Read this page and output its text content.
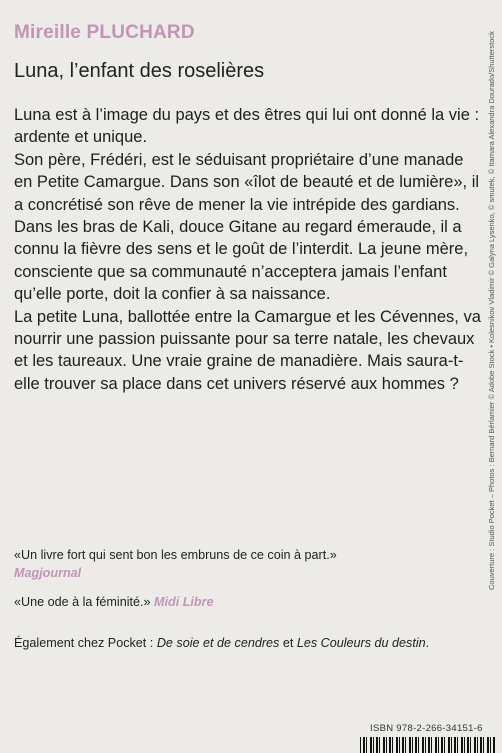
Mireille PLUCHARD
Luna, l’enfant des roselières

Luna est à l’image du pays et des êtres qui lui ont donné la vie : ardente et unique.

Son père, Frédéri, est le séduisant propriétaire d’une manade en Petite Camargue. Dans son «îlot de beauté et de lumière», il a concrétisé son rêve de mener la vie intrépide des gardians. Dans les bras de Kali, douce Gitane au regard émeraude, il a connu la fièvre des sens et le goût de l’interdit. La jeune mère, consciente que sa communauté n’acceptera jamais l’enfant qu’elle porte, doit la confier à sa naissance.

La petite Luna, ballottée entre la Camargue et les Cévennes, va nourrir une passion puissante pour sa terre natale, les chevaux et les taureaux. Une vraie graine de manadière. Mais saura-t-elle trouver sa place dans cet univers réservé aux hommes ?

«Un livre fort qui sent bon les embruns de ce coin à part.»
Magjournal

«Une ode à la féminité.» Midi Libre

Également chez Pocket : De soie et de cendres et Les Couleurs du destin.

Couverture : Studio Pocket – Photos : Bernard Bérlamier © Adobe Stock • Kolesnikov Vladimir © Galyna Lysenko, © smutek, © Itamara Alexandra Dourado/Shutterstock
ISBN 978-2-266-34151-6
